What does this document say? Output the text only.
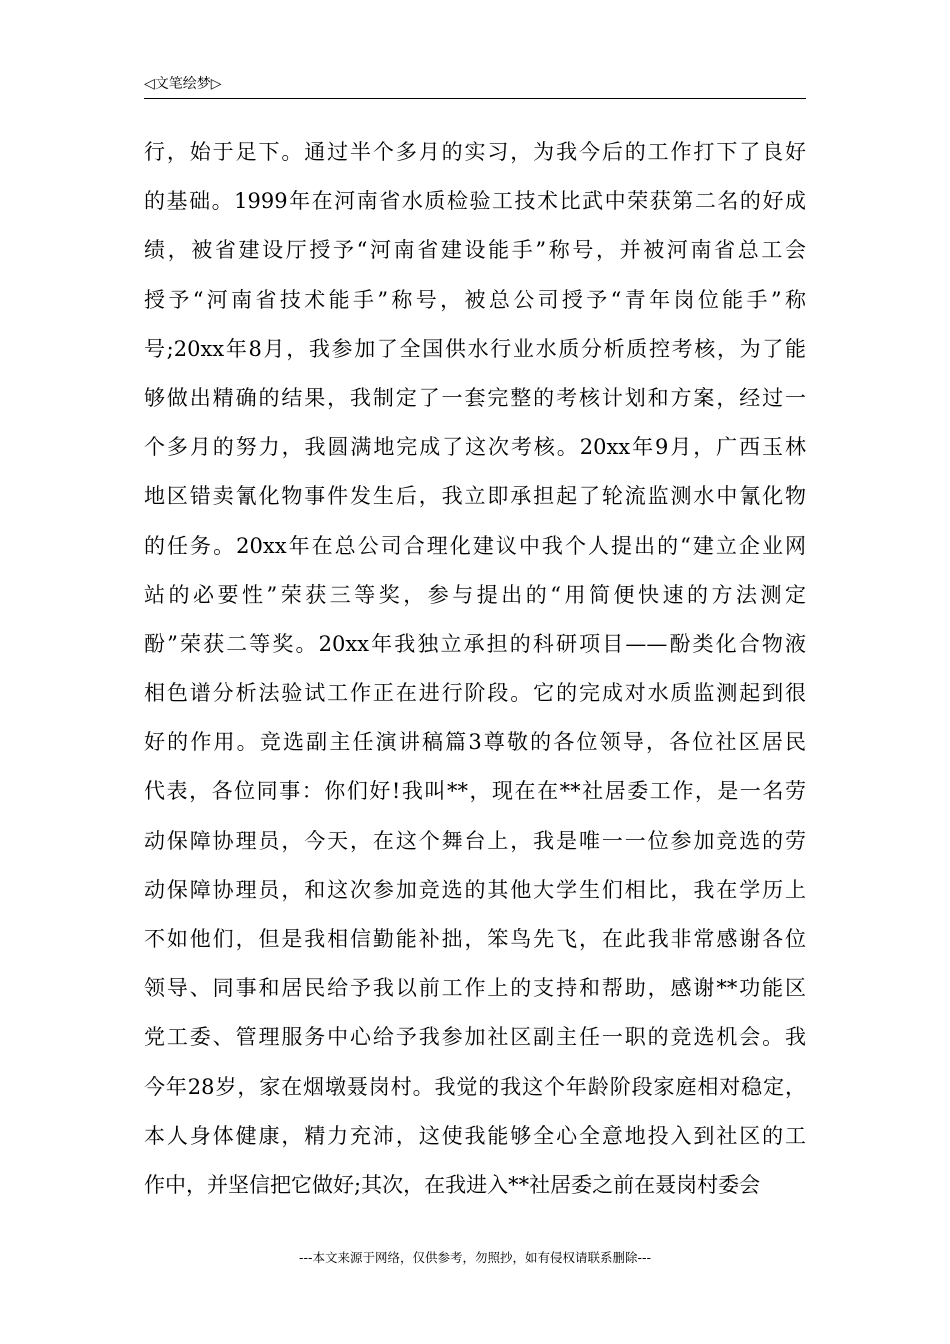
◁文笔绘梦▷
行，始于足下。通过半个多月的实习，为我今后的工作打下了良好
的基础。1999年在河南省水质检验工技术比武中荣获第二名的好成
绩，被省建设厅授予“河南省建设能手”称号，并被河南省总工会
授予“河南省技术能手”称号，被总公司授予“青年岗位能手”称
号;20xx年8月，我参加了全国供水行业水质分析质控考核，为了能
够做出精确的结果，我制定了一套完整的考核计划和方案，经过一
个多月的努力，我圆满地完成了这次考核。20xx年9月，广西玉林
地区错卖氰化物事件发生后，我立即承担起了轮流监测水中氰化物
的任务。20xx年在总公司合理化建议中我个人提出的“建立企业网
站的必要性”荣获三等奖，参与提出的“用简便快速的方法测定
酚”荣获二等奖。20xx年我独立承担的科研项目——酚类化合物液
相色谱分析法验试工作正在进行阶段。它的完成对水质监测起到很
好的作用。竞选副主任演讲稿篇3尊敬的各位领导，各位社区居民
代表，各位同事：你们好!我叫**，现在在**社居委工作，是一名劳
动保障协理员，今天，在这个舞台上，我是唯一一位参加竞选的劳
动保障协理员，和这次参加竞选的其他大学生们相比，我在学历上
不如他们，但是我相信勤能补拙，笨鸟先飞，在此我非常感谢各位
领导、同事和居民给予我以前工作上的支持和帮助，感谢**功能区
党工委、管理服务中心给予我参加社区副主任一职的竞选机会。我
今年28岁，家在烟墩聂岗村。我觉的我这个年龄阶段家庭相对稳定，
本人身体健康，精力充沛，这使我能够全心全意地投入到社区的工
作中，并坚信把它做好;其次，在我进入**社居委之前在聂岗村委会
---本文来源于网络，仅供参考，勿照抄，如有侵权请联系删除---
